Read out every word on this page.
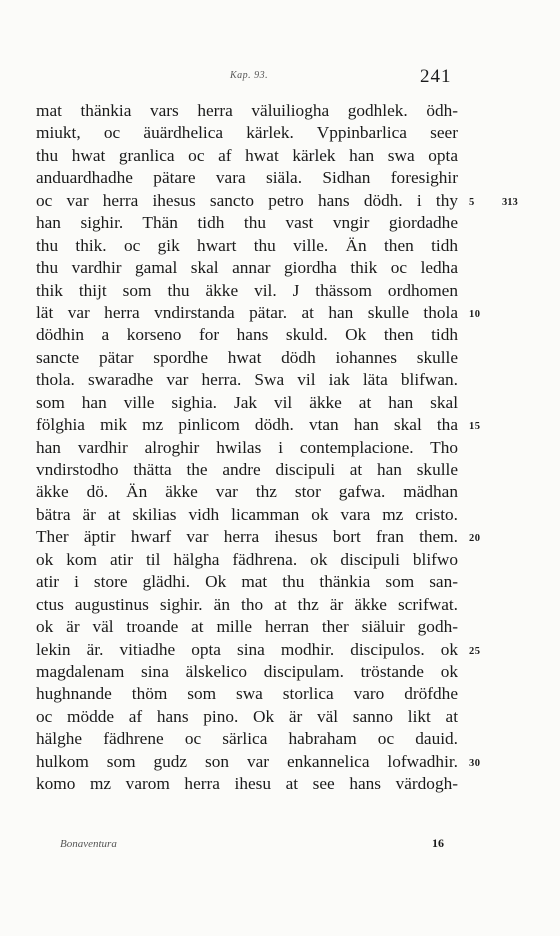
Kap. 93.	241
mat thänkia vars herra väluiliogha godhlek. ödh-
miukt, oc äuärdhelica kärlek. Vppinbarlica seer
thu hwat granlica oc af hwat kärlek han swa opta
anduardhadhe pätare vara siäla. Sidhan foresighir
oc var herra ihesus sancto petro hans dödh. i thy 5	313
han sighir. Thän tidh thu vast vngir giordadhe
thu thik. oc gik hwart thu ville. Än then tidh
thu vardhir gamal skal annar giordha thik oc ledha
thik thijt som thu äkke vil. J thässom ordhomen
lät var herra vndirstanda pätar. at han skulle thola 10
dödhin a korseno for hans skuld. Ok then tidh
sancte pätar spordhe hwat dödh iohannes skulle
thola. swaradhe var herra. Swa vil iak läta blifwan.
som han ville sighia. Jak vil äkke at han skal
fölghia mik mz pinlicom dödh. vtan han skal tha 15
han vardhir alroghir hwilas i contemplacione. Tho
vndirstodho thätta the andre discipuli at han skulle
äkke dö. Än äkke var thz stor gafwa. mädhan
bätra är at skilias vidh licamman ok vara mz cristo.
Ther äptir hwarf var herra ihesus bort fran them. 20
ok kom atir til hälgha fädhrena. ok discipuli blifwo
atir i store glädhi. Ok mat thu thänkia som san-
ctus augustinus sighir. än tho at thz är äkke scrifwat.
ok är väl troande at mille herran ther siäluir godh-
lekin är. vitiadhe opta sina modhir. discipulos. ok 25
magdalenam sina älskelico discipulam. tröstande ok
hughnande thöm som swa storlica varo dröfdhe
oc mödde af hans pino. Ok är väl sanno likt at
hälghe fädhrene oc särlica habraham oc dauid.
hulkom som gudz son var enkannelica lofwadhir. 30
komo mz varom herra ihesu at see hans värdogh-
Bonaventura	16
